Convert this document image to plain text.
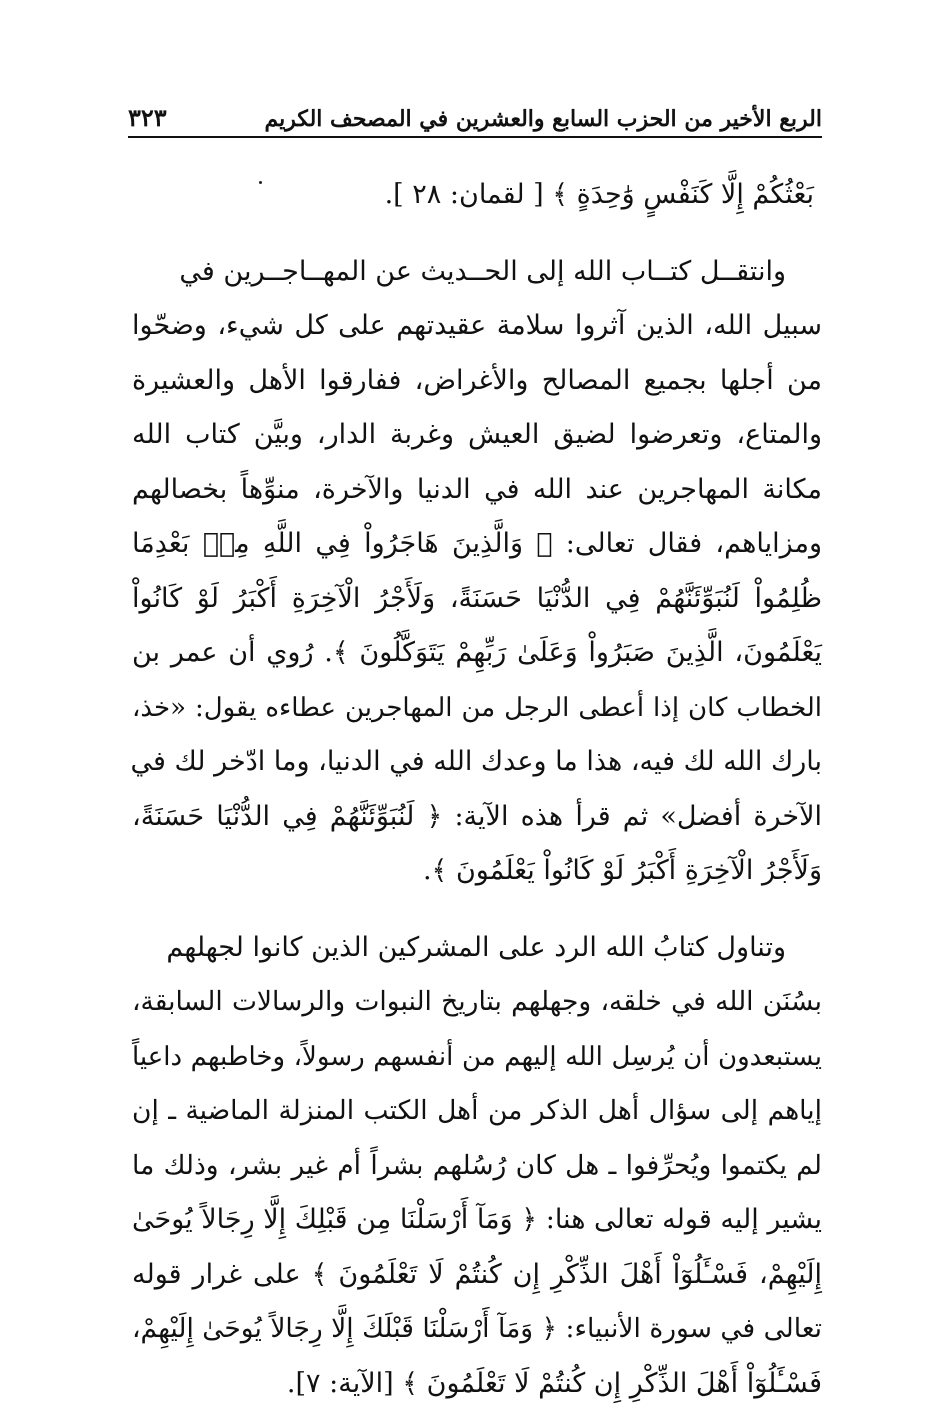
الربع الأخير من الحزب السابع والعشرين في المصحف الكريم
٣٢٣
بَعْثُكُمْ إِلَّا كَنَفْسٍ وَٰحِدَةٍ ﴾ [ لقمان: ٢٨ ].
وانتقــل كتــاب الله إلى الحــديث عن المهــاجــرين في
سبيل الله، الذين آثروا سلامة عقيدتهم على كل شيء، وضحّوا
من أجلها بجميع المصالح والأغراض، ففارقوا الأهل والعشيرة
والمتاع، وتعرضوا لضيق العيش وغربة الدار، وبيَّن كتاب الله
مكانة المهاجرين عند الله في الدنيا والآخرة، منوِّهاً بخصالهم
ومزاياهم، فقال تعالى: ﴿ وَالَّذِينَ هَاجَرُواْ فِي اللَّهِ مِنۢ بَعْدِمَا
ظُلِمُواْ لَنُبَوِّئَنَّهُمْ فِي الدُّنْيَا حَسَنَةً، وَلَأَجْرُ الْآخِرَةِ أَكْبَرُ لَوْ كَانُواْ
يَعْلَمُونَ، الَّذِينَ صَبَرُواْ وَعَلَىٰ رَبِّهِمْ يَتَوَكَّلُونَ ﴾. رُوي أن عمر بن
الخطاب كان إذا أعطى الرجل من المهاجرين عطاءه يقول: «خذ،
بارك الله لك فيه، هذا ما وعدك الله في الدنيا، وما ادّخر لك في
الآخرة أفضل» ثم قرأ هذه الآية: ﴿ لَنُبَوِّئَنَّهُمْ فِي الدُّنْيَا حَسَنَةً،
وَلَأَجْرُ الْآخِرَةِ أَكْبَرُ لَوْ كَانُواْ يَعْلَمُونَ ﴾.
وتناول كتابُ الله الرد على المشركين الذين كانوا لجهلهم
بسُنَن الله في خلقه، وجهلهم بتاريخ النبوات والرسالات السابقة،
يستبعدون أن يُرسِل الله إليهم من أنفسهم رسولاً، وخاطبهم داعياً
إياهم إلى سؤال أهل الذكر من أهل الكتب المنزلة الماضية ـ إن
لم يكتموا ويُحرِّفوا ـ هل كان رُسُلهم بشراً أم غير بشر، وذلك ما
يشير إليه قوله تعالى هنا: ﴿ وَمَآ أَرْسَلْنَا مِن قَبْلِكَ إِلَّا رِجَالاً يُوحَىٰ
إِلَيْهِمْ، فَسْـَٔلُوٓاْ أَهْلَ الذِّكْرِ إِن كُنتُمْ لَا تَعْلَمُونَ ﴾ على غرار قوله
تعالى في سورة الأنبياء: ﴿ وَمَآ أَرْسَلْنَا قَبْلَكَ إِلَّا رِجَالاً يُوحَىٰ إِلَيْهِمْ،
فَسْـَٔلُوٓاْ أَهْلَ الذِّكْرِ إِن كُنتُمْ لَا تَعْلَمُونَ ﴾ [الآية: ٧].
